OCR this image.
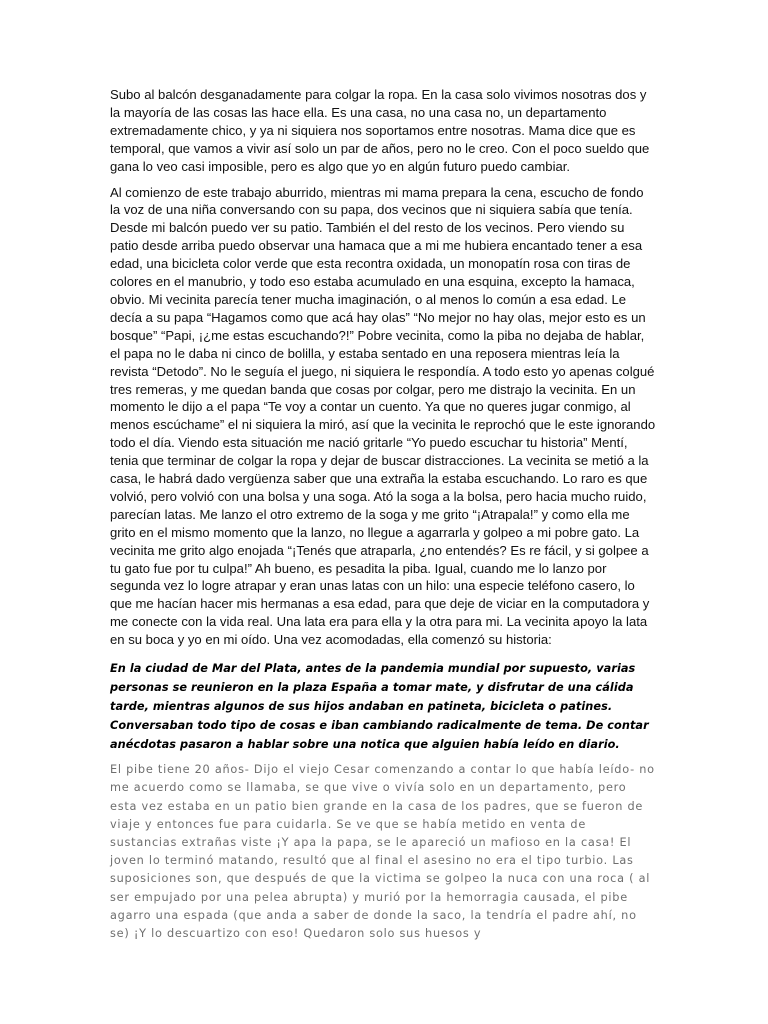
Subo al balcón desganadamente para colgar la ropa. En la casa solo vivimos nosotras dos y la mayoría de las cosas las hace ella. Es una casa, no una casa no, un departamento extremadamente chico, y ya ni siquiera nos soportamos entre nosotras. Mama dice que es temporal, que vamos a vivir así solo un par de años, pero no le creo. Con el poco sueldo que gana lo veo casi imposible, pero es algo que yo en algún futuro puedo cambiar.

Al comienzo de este trabajo aburrido, mientras mi mama prepara la cena, escucho de fondo la voz de una niña conversando con su papa, dos vecinos que ni siquiera sabía que tenía. Desde mi balcón puedo ver su patio. También el del resto de los vecinos. Pero viendo su patio desde arriba puedo observar una hamaca que a mi me hubiera encantado tener a esa edad, una bicicleta color verde que esta recontra oxidada, un monopatín rosa con tiras de colores en el manubrio, y todo eso estaba acumulado en una esquina, excepto la hamaca, obvio. Mi vecinita parecía tener mucha imaginación, o al menos lo común a esa edad. Le decía a su papa “Hagamos como que acá hay olas” “No mejor no hay olas, mejor esto es un bosque” “Papi, ¡¿me estas escuchando?!” Pobre vecinita, como la piba no dejaba de hablar, el papa no le daba ni cinco de bolilla, y estaba sentado en una reposera mientras leía la revista “Detodo”. No le seguía el juego, ni siquiera le respondía. A todo esto yo apenas colgué tres remeras, y me quedan banda que cosas por colgar, pero me distrajo la vecinita. En un momento le dijo a el papa “Te voy a contar un cuento. Ya que no queres jugar conmigo, al menos escúchame” el ni siquiera la miró, así que la vecinita le reprochó que le este ignorando todo el día. Viendo esta situación me nació gritarle “Yo puedo escuchar tu historia” Mentí, tenia que terminar de colgar la ropa y dejar de buscar distracciones. La vecinita se metió a la casa, le habrá dado vergüenza saber que una extraña la estaba escuchando. Lo raro es que volvió, pero volvió con una bolsa y una soga. Ató la soga a la bolsa, pero hacia mucho ruido, parecían latas. Me lanzo el otro extremo de la soga y me grito “¡Atrapala!” y como ella me grito en el mismo momento que la lanzo, no llegue a agarrarla y golpeo a mi pobre gato. La vecinita me grito algo enojada “¡Tenés que atraparla, ¿no entendés? Es re fácil, y si golpee a tu gato fue por tu culpa!” Ah bueno, es pesadita la piba. Igual, cuando me lo lanzo por segunda vez lo logre atrapar y eran unas latas con un hilo: una especie teléfono casero, lo que me hacían hacer mis hermanas a esa edad, para que deje de viciar en la computadora y me conecte con la vida real. Una lata era para ella y la otra para mi. La vecinita apoyo la lata en su boca y yo en mi oído. Una vez acomodadas, ella comenzó su historia:

En la ciudad de Mar del Plata, antes de la pandemia mundial por supuesto, varias personas se reunieron en la plaza España a tomar mate, y disfrutar de una cálida tarde, mientras algunos de sus hijos andaban en patineta, bicicleta o patines. Conversaban todo tipo de cosas e iban cambiando radicalmente de tema. De contar anécdotas pasaron a hablar sobre una notica que alguien había leído en diario.

El pibe tiene 20 años- Dijo el viejo Cesar comenzando a contar lo que había leído- no me acuerdo como se llamaba, se que vive o vivía solo en un departamento, pero esta vez estaba en un patio bien grande en la casa de los padres, que se fueron de viaje y entonces fue para cuidarla. Se ve que se había metido en venta de sustancias extrañas viste ¡Y apa la papa, se le apareció un mafioso en la casa! El joven lo terminó matando, resultó que al final el asesino no era el tipo turbio. Las suposiciones son, que después de que la victima se golpeo la nuca con una roca ( al ser empujado por una pelea abrupta) y murió por la hemorragia causada, el pibe agarro una espada (que anda a saber de donde la saco, la tendría el padre ahí, no se) ¡Y lo descuartizo con eso! Quedaron solo sus huesos y
